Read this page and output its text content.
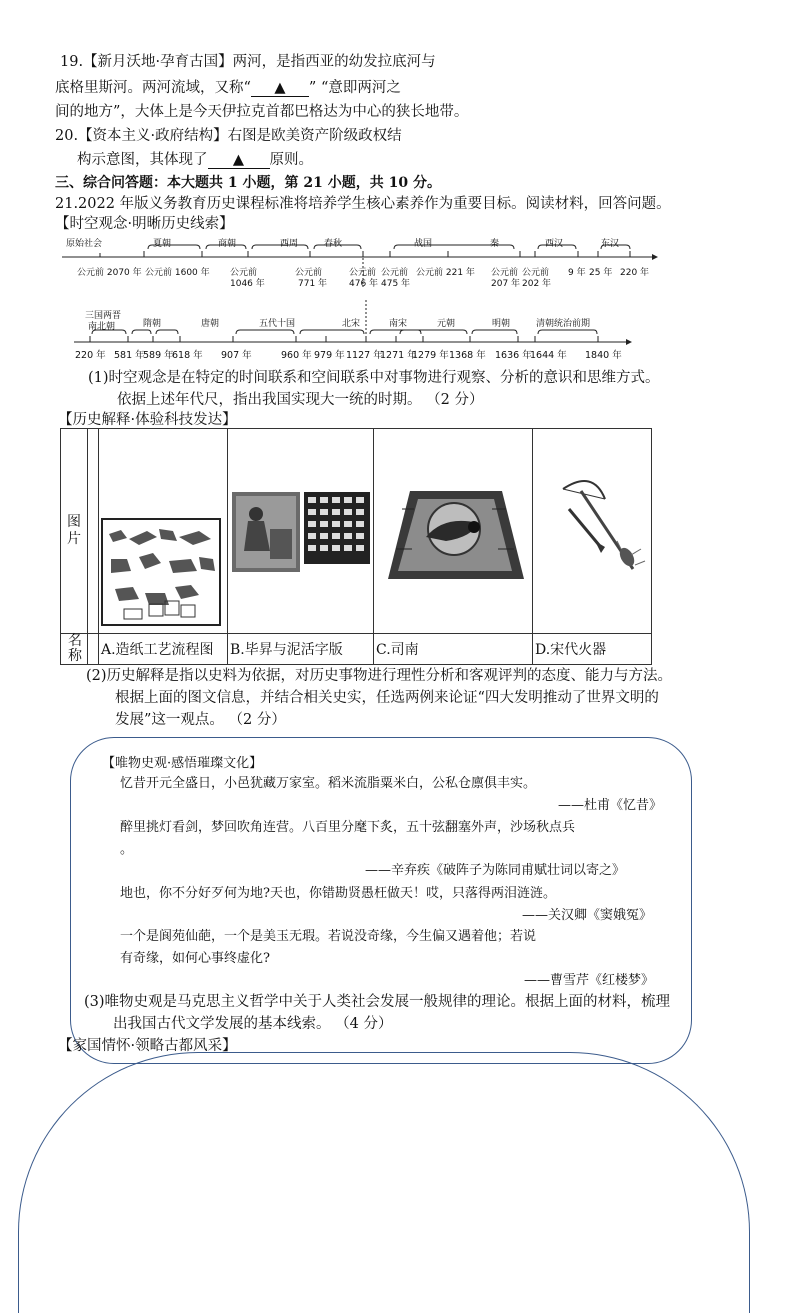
19.【新月沃地·孕育古国】两河，是指西亚的幼发拉底河与
底格里斯河。两河流域，又称“ ▲ ” “意即两河之
间的地方”，大体上是今天伊拉克首都巴格达为中心的狭长地带。
20.【资本主义·政府结构】右图是欧美资产阶级政权结
构示意图，其体现了 ▲ 原则。
三、综合问答题：本大题共 1 小题，第 21 小题，共 10 分。
21.2022 年版义务教育历史课程标准将培养学生核心素养作为重要目标。阅读材料，回答问题。
【时空观念·明晰历史线索】
原始社会	夏朝	商朝	西周	春秋	战国	秦	西汉	东汉
公元前 2070 年 公元前 1600 年 公元前
1046 年
公元前
771 年
公元前
476 年
公元前
475 年
公元前 221 年 公元前
207 年
公元前
202 年
9 年 25 年 220 年
三国两晋
南北朝	隋朝	唐朝	五代十国	北宋	南宋	元朝	明朝	清朝统治前期
220 年 581 年
589 年
618 年 907 年	960 年 979 年 1127 年
1271 年
1279 年 1368 年 1636 年
1644 年 1840 年
(1)时空观念是在特定的时间联系和空间联系中对事物进行观察、分析的意识和思维方式。
依据上述年代尺，指出我国实现大一统的时期。 （2 分）
【历史解释·体验科技发达】
图片					
名称		A.造纸工艺流程图	B.毕昇与泥活字版	C.司南	D.宋代火器
(2)历史解释是指以史料为依据，对历史事物进行理性分析和客观评判的态度、能力与方法。
根据上面的图文信息，并结合相关史实，任选两例来论证“四大发明推动了世界文明的
发展”这一观点。 （2 分）
【唯物史观·感悟璀璨文化】
忆昔开元全盛日，小邑犹藏万家室。稻米流脂粟米白，公私仓廪俱丰实。
——杜甫《忆昔》
醉里挑灯看剑，梦回吹角连营。八百里分麾下炙，五十弦翻塞外声，沙场秋点兵
。
——辛弃疾《破阵子为陈同甫赋壮词以寄之》
地也，你不分好歹何为地?天也，你错勘贤愚枉做天！哎，只落得两泪涟涟。
——关汉卿《窦娥冤》
一个是阆苑仙葩，一个是美玉无瑕。若说没奇缘，今生偏又遇着他；若说
有奇缘，如何心事终虚化?
——曹雪芹《红楼梦》
(3)唯物史观是马克思主义哲学中关于人类社会发展一般规律的理论。根据上面的材料，梳理
出我国古代文学发展的基本线索。 （4 分）
【家国情怀·领略古都风采】
